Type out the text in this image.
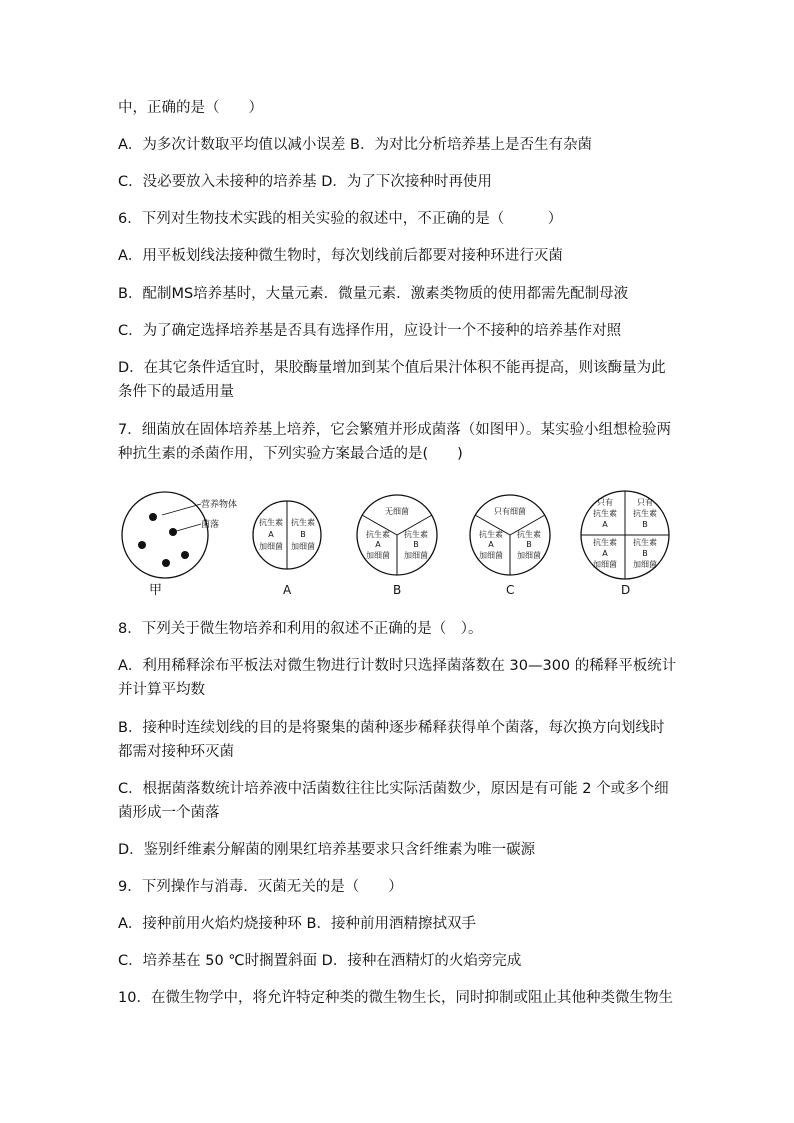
中，正确的是（　　）
A．为多次计数取平均值以减小误差 B．为对比分析培养基上是否生有杂菌
C．没必要放入未接种的培养基 D．为了下次接种时再使用
6．下列对生物技术实践的相关实验的叙述中，不正确的是（　　　）
A．用平板划线法接种微生物时，每次划线前后都要对接种环进行灭菌
B．配制MS培养基时，大量元素．微量元素．激素类物质的使用都需先配制母液
C．为了确定选择培养基是否具有选择作用，应设计一个不接种的培养基作对照
D．在其它条件适宜时，果胶酶量增加到某个值后果汁体积不能再提高，则该酶量为此
条件下的最适用量
7．细菌放在固体培养基上培养，它会繁殖并形成菌落（如图甲）。某实验小组想检验两
种抗生素的杀菌作用，下列实验方案最合适的是(　　)
营养物体
菌落
甲
抗生素
A
加细菌
抗生素
B
加细菌
A
无细菌
抗生素
A
加细菌
抗生素
B
加细菌
B
只有细菌
抗生素
A
加细菌
抗生素
B
加细菌
C
只有
抗生素
A
只有
抗生素
B
抗生素
A
加细菌
抗生素
B
加细菌
D
8．下列关于微生物培养和利用的叙述不正确的是（　）。
A．利用稀释涂布平板法对微生物进行计数时只选择菌落数在 30—300 的稀释平板统计
并计算平均数
B．接种时连续划线的目的是将聚集的菌种逐步稀释获得单个菌落，每次换方向划线时
都需对接种环灭菌
C．根据菌落数统计培养液中活菌数往往比实际活菌数少，原因是有可能 2 个或多个细
菌形成一个菌落
D．鉴别纤维素分解菌的刚果红培养基要求只含纤维素为唯一碳源
9．下列操作与消毒．灭菌无关的是（　　）
A．接种前用火焰灼烧接种环 B．接种前用酒精擦拭双手
C．培养基在 50 ℃时搁置斜面 D．接种在酒精灯的火焰旁完成
10．在微生物学中，将允许特定种类的微生物生长，同时抑制或阻止其他种类微生物生
